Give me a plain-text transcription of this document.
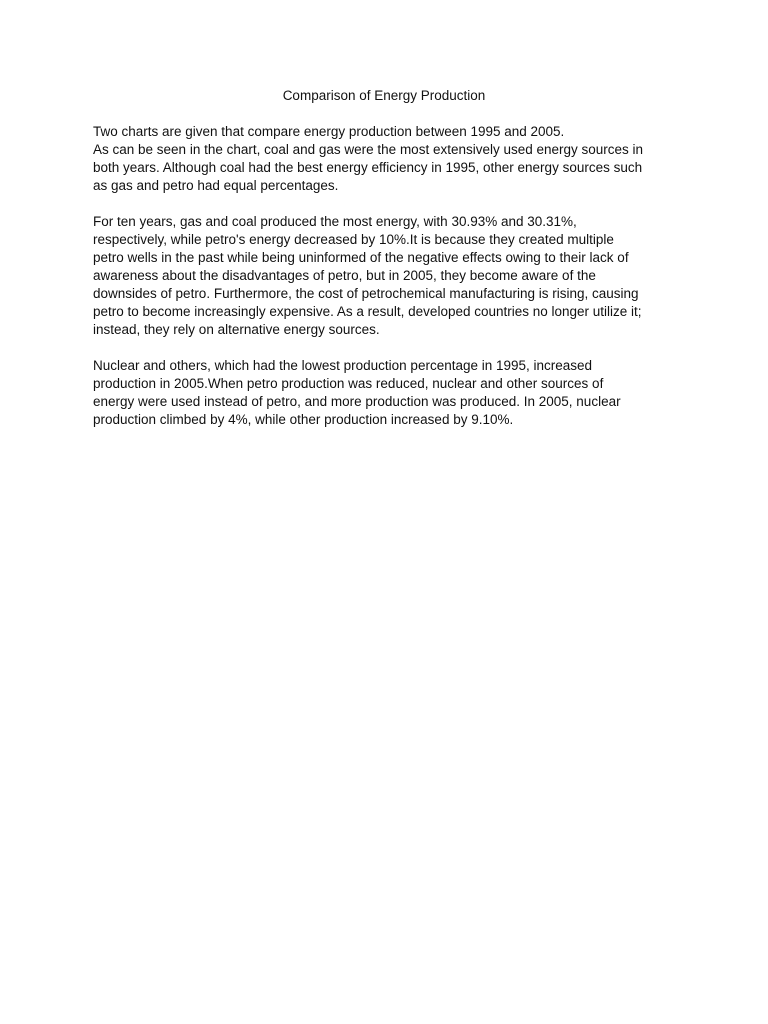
Comparison of Energy Production

Two charts are given that compare energy production between 1995 and 2005.
As can be seen in the chart, coal and gas were the most extensively used energy sources in
both years. Although coal had the best energy efficiency in 1995, other energy sources such
as gas and petro had equal percentages.

For ten years, gas and coal produced the most energy, with 30.93% and 30.31%,
respectively, while petro's energy decreased by 10%.It is because they created multiple
petro wells in the past while being uninformed of the negative effects owing to their lack of
awareness about the disadvantages of petro, but in 2005, they become aware of the
downsides of petro. Furthermore, the cost of petrochemical manufacturing is rising, causing
petro to become increasingly expensive. As a result, developed countries no longer utilize it;
instead, they rely on alternative energy sources.

Nuclear and others, which had the lowest production percentage in 1995, increased
production in 2005.When petro production was reduced, nuclear and other sources of
energy were used instead of petro, and more production was produced. In 2005, nuclear
production climbed by 4%, while other production increased by 9.10%.
